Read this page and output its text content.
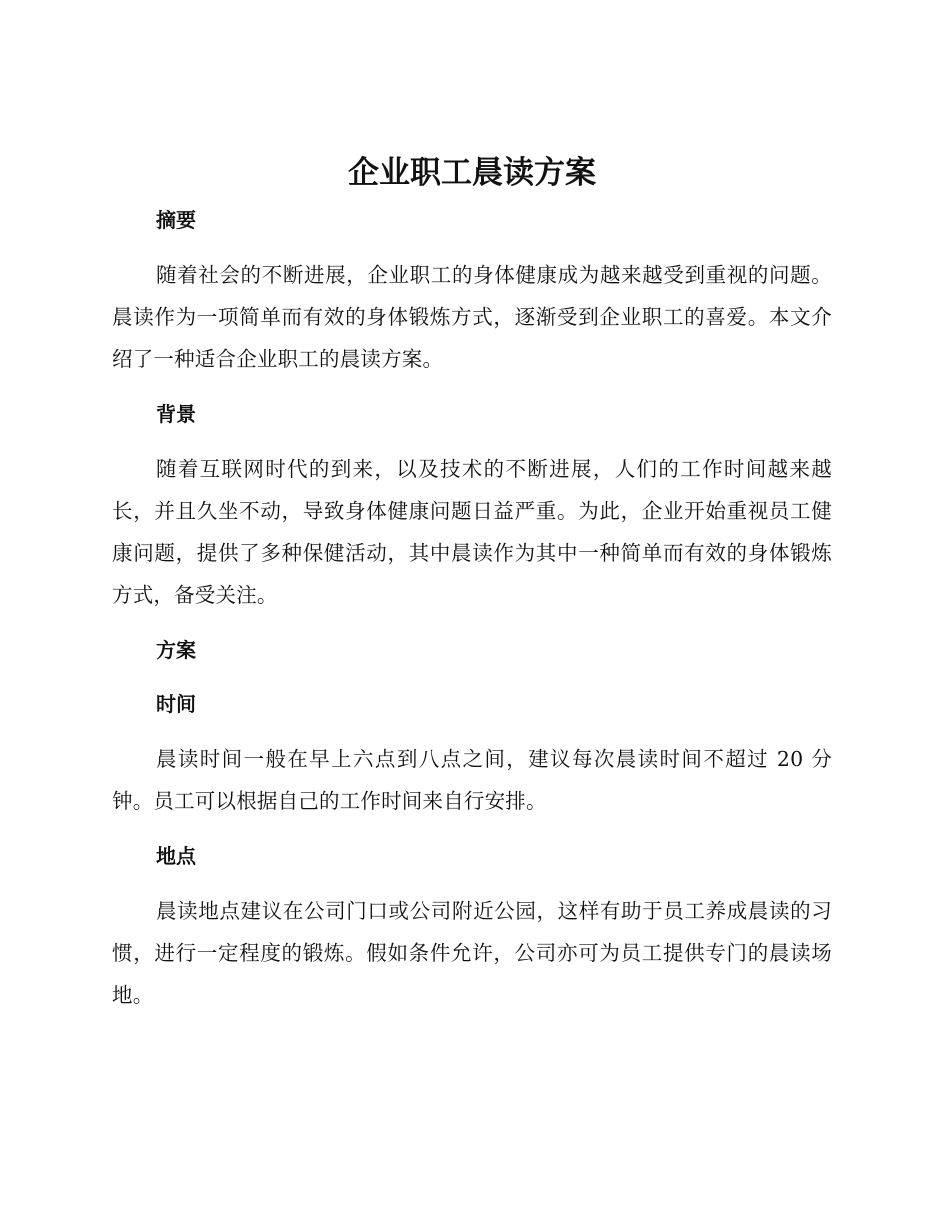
企业职工晨读方案
摘要

随着社会的不断进展，企业职工的身体健康成为越来越受到重视的问题。晨读作为一项简单而有效的身体锻炼方式，逐渐受到企业职工的喜爱。本文介绍了一种适合企业职工的晨读方案。

背景

随着互联网时代的到来，以及技术的不断进展，人们的工作时间越来越长，并且久坐不动，导致身体健康问题日益严重。为此，企业开始重视员工健康问题，提供了多种保健活动，其中晨读作为其中一种简单而有效的身体锻炼方式，备受关注。

方案
时间

晨读时间一般在早上六点到八点之间，建议每次晨读时间不超过 20 分钟。员工可以根据自己的工作时间来自行安排。

地点

晨读地点建议在公司门口或公司附近公园，这样有助于员工养成晨读的习惯，进行一定程度的锻炼。假如条件允许，公司亦可为员工提供专门的晨读场地。
